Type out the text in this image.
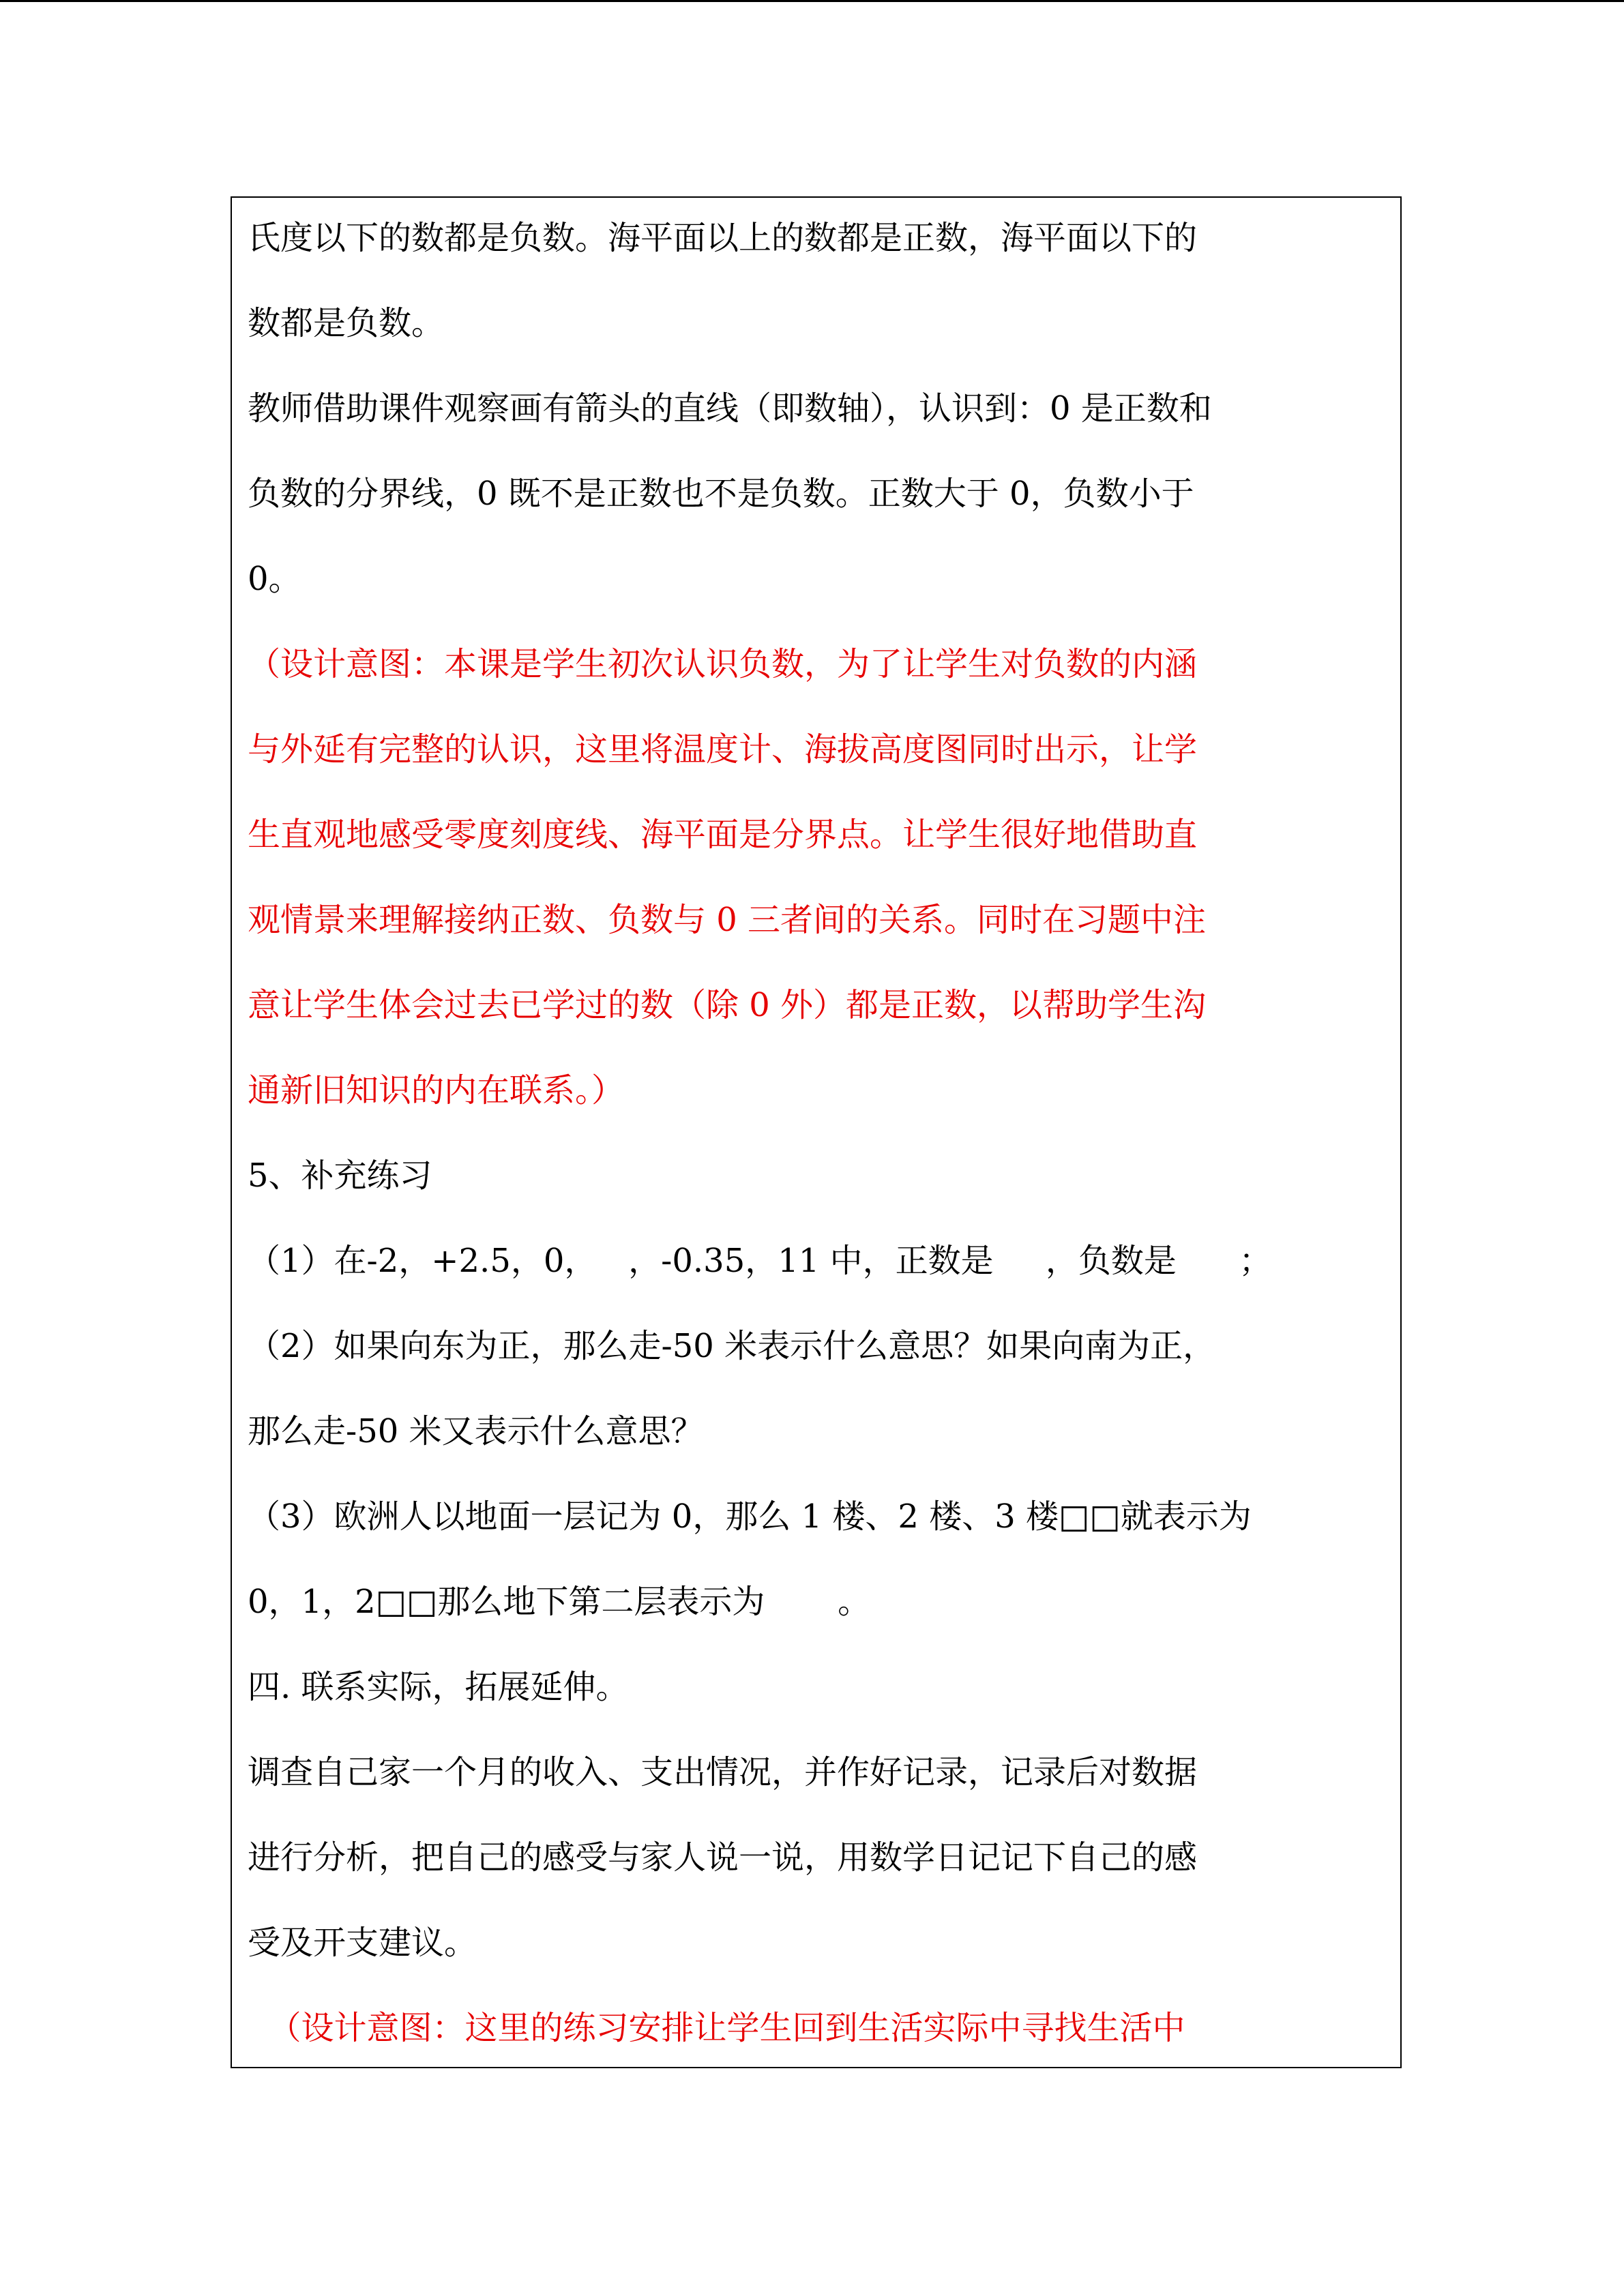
氏度以下的数都是负数。海平面以上的数都是正数，海平面以下的

数都是负数。

教师借助课件观察画有箭头的直线（即数轴），认识到：0 是正数和

负数的分界线，0 既不是正数也不是负数。正数大于 0，负数小于

0。

（设计意图：本课是学生初次认识负数，为了让学生对负数的内涵

与外延有完整的认识，这里将温度计、海拔高度图同时出示，让学

生直观地感受零度刻度线、海平面是分界点。让学生很好地借助直

观情景来理解接纳正数、负数与 0 三者间的关系。同时在习题中注

意让学生体会过去已学过的数（除 0 外）都是正数，以帮助学生沟

通新旧知识的内在联系。）

5、补充练习

（1）在-2，+2.5，0，   ，-0.35，11 中，正数是     ，负数是      ；

（2）如果向东为正，那么走-50 米表示什么意思？如果向南为正，

那么走-50 米又表示什么意思？

（3）欧洲人以地面一层记为 0，那么 1 楼、2 楼、3 楼□□就表示为

0，1，2□□那么地下第二层表示为       。

四. 联系实际，拓展延伸。

调查自己家一个月的收入、支出情况，并作好记录，记录后对数据

进行分析，把自己的感受与家人说一说，用数学日记记下自己的感

受及开支建议。

（设计意图：这里的练习安排让学生回到生活实际中寻找生活中
